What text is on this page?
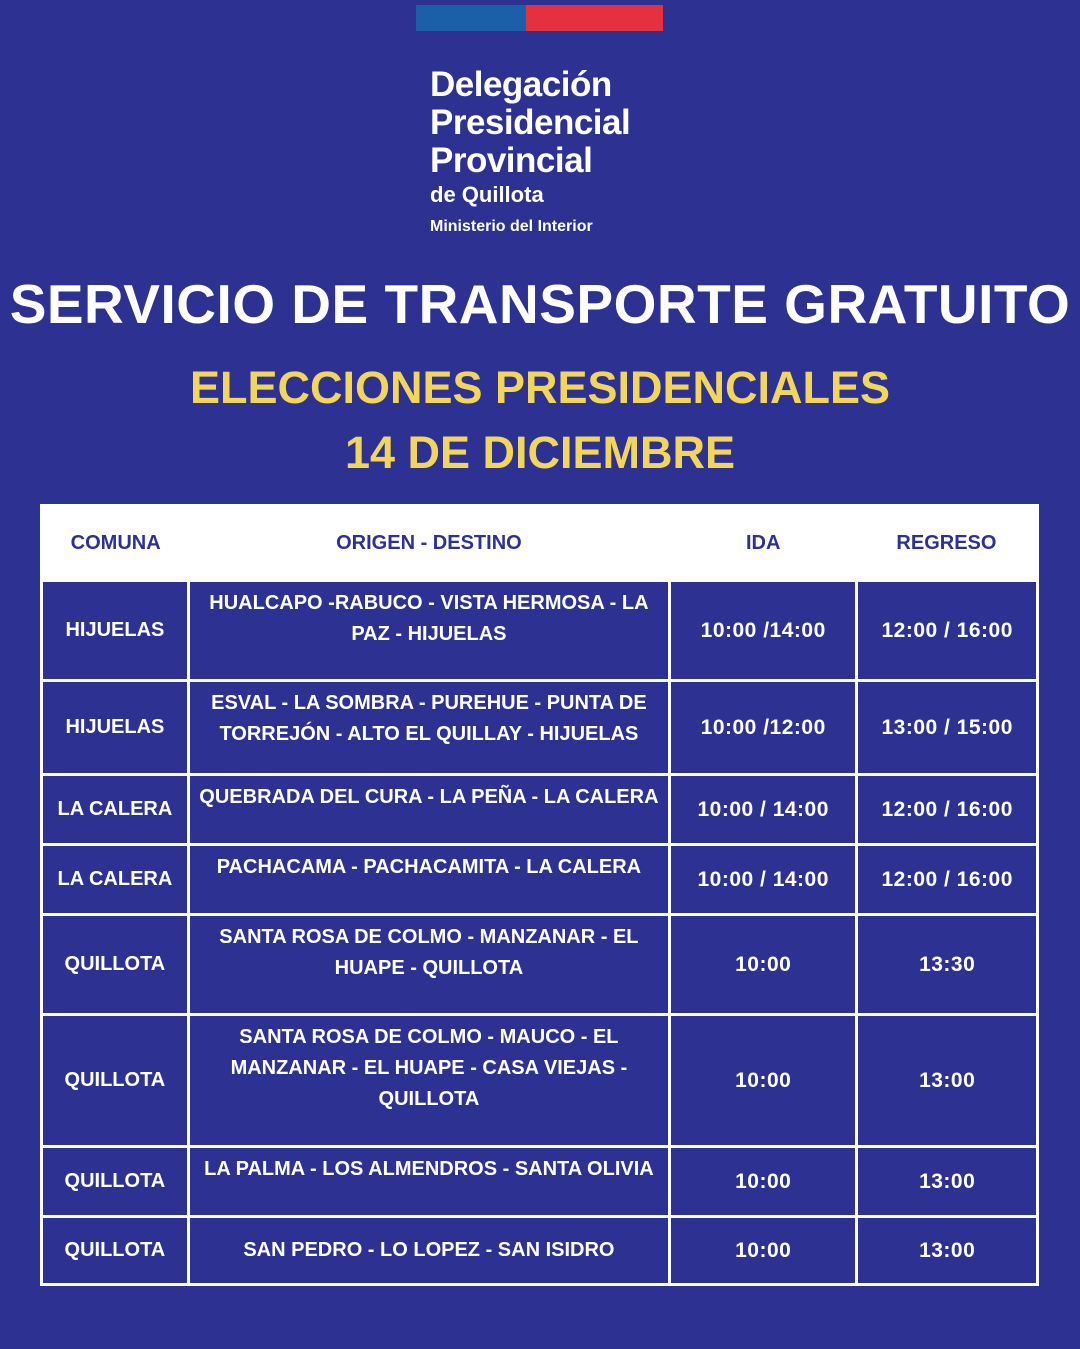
Delegación
Presidencial
Provincial
de Quillota
Ministerio del Interior
SERVICIO DE TRANSPORTE GRATUITO
ELECCIONES PRESIDENCIALES
14 DE DICIEMBRE
COMUNA	ORIGEN - DESTINO	IDA	REGRESO
HIJUELAS	HUALCAPO -RABUCO - VISTA HERMOSA - LA PAZ - HIJUELAS	10:00 /14:00	12:00 / 16:00
HIJUELAS	ESVAL - LA SOMBRA - PUREHUE - PUNTA DE TORREJÓN - ALTO EL QUILLAY - HIJUELAS	10:00 /12:00	13:00 / 15:00
LA CALERA	QUEBRADA DEL CURA - LA PEÑA - LA CALERA	10:00 / 14:00	12:00 / 16:00
LA CALERA	PACHACAMA - PACHACAMITA - LA CALERA	10:00 / 14:00	12:00 / 16:00
QUILLOTA	SANTA ROSA DE COLMO - MANZANAR - EL HUAPE - QUILLOTA	10:00	13:30
QUILLOTA	SANTA ROSA DE COLMO - MAUCO - EL MANZANAR - EL HUAPE - CASA VIEJAS - QUILLOTA	10:00	13:00
QUILLOTA	LA PALMA - LOS ALMENDROS - SANTA OLIVIA	10:00	13:00
QUILLOTA	SAN PEDRO - LO LOPEZ - SAN ISIDRO	10:00	13:00
